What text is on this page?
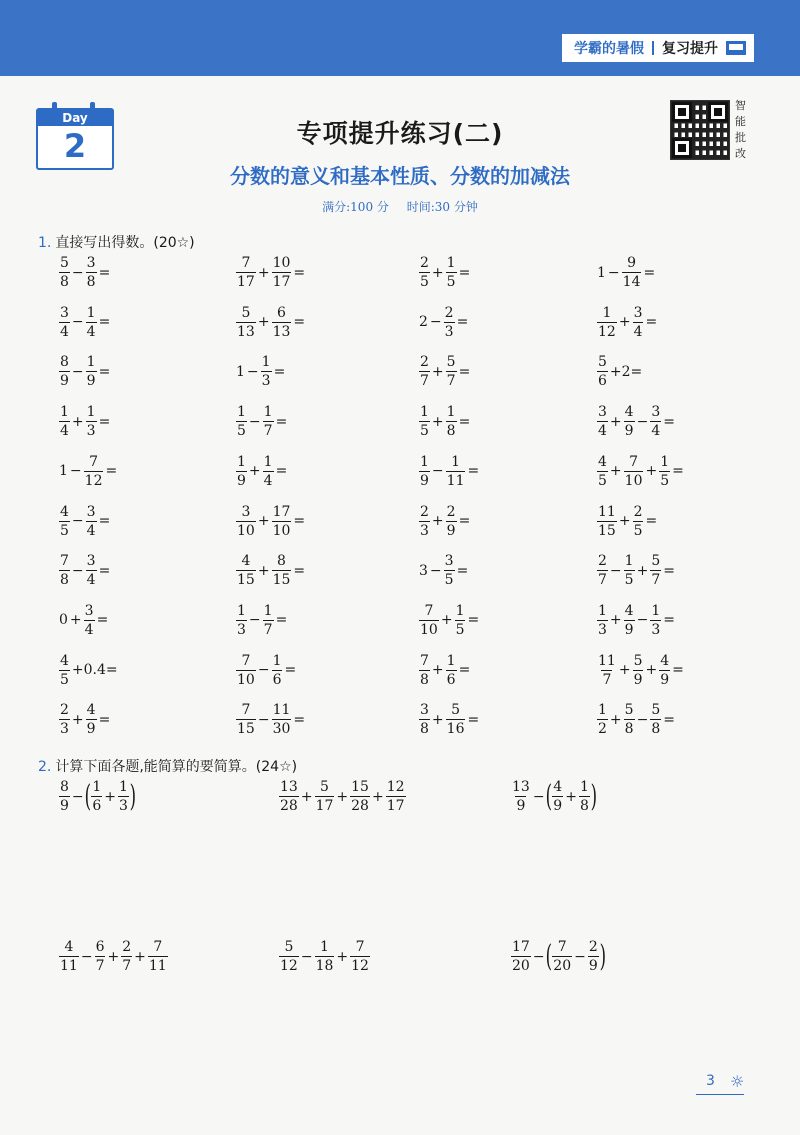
学霸的暑假 复习提升
Day
2	专项提升练习(二)
分数的意义和基本性质、分数的加减法
满分:100 分 时间:30 分钟
智
能
批
改
1. 直接写出得数。(20☆)
$\frac{5}{8} - \frac{3}{8}$ =	$\frac{7}{17} + \frac{10}{17}$ =	$\frac{2}{5} + \frac{1}{5}$ =	$1 - \frac{9}{14}$ =
$\frac{3}{4} - \frac{1}{4}$ =	$\frac{5}{13} + \frac{6}{13}$ =	$2 - \frac{2}{3}$ =	$\frac{1}{12} + \frac{3}{4}$ =
$\frac{8}{9} - \frac{1}{9}$ =	$1 - \frac{1}{3}$ =	$\frac{2}{7} + \frac{5}{7}$ =	$\frac{5}{6} +2=$
$\frac{1}{4} + \frac{1}{3}$ =	$\frac{1}{5} - \frac{1}{7}$ =	$\frac{1}{5} + \frac{1}{8}$ =	$\frac{3}{4} + \frac{4}{9} - \frac{3}{4}$ =
$1 - \frac{7}{12}$ =	$\frac{1}{9} + \frac{1}{4}$ =	$\frac{1}{9} - \frac{1}{11}$ =	$\frac{4}{5} + \frac{7}{10} + \frac{1}{5}$ =
$\frac{4}{5} - \frac{3}{4}$ =	$\frac{3}{10} + \frac{17}{10}$ =	$\frac{2}{3} + \frac{2}{9}$ =	$\frac{11}{15} + \frac{2}{5}$ =
$\frac{7}{8} - \frac{3}{4}$ =	$\frac{4}{15} + \frac{8}{15}$ =	$3 - \frac{3}{5}$ =	$\frac{2}{7} - \frac{1}{5} + \frac{5}{7}$ =
$0 + \frac{3}{4}$ =	$\frac{1}{3} - \frac{1}{7}$ =	$\frac{7}{10} + \frac{1}{5}$ =	$\frac{1}{3} + \frac{4}{9} - \frac{1}{3}$ =
$\frac{4}{5} +0.4=$	$\frac{7}{10} - \frac{1}{6}$ =	$\frac{7}{8} + \frac{1}{6}$ =	$\frac{11}{7} + \frac{5}{9} + \frac{4}{9}$ =
$\frac{2}{3} + \frac{4}{9}$ =	$\frac{7}{15} - \frac{11}{30}$ =	$\frac{3}{8} + \frac{5}{16}$ =	$\frac{1}{2} + \frac{5}{8} - \frac{5}{8}$ =
2. 计算下面各题,能简算的要简算。(24☆)
$\frac{8}{9}$ − ( $\frac{1}{6} + \frac{1}{3}$ )	$\frac{13}{28} + \frac{5}{17} + \frac{15}{28} + \frac{12}{17}$	$\frac{13}{9}$ − ( $\frac{4}{9} + \frac{1}{8}$ )
$\frac{4}{11} - \frac{6}{7} + \frac{2}{7} + \frac{7}{11}$	$\frac{5}{12} - \frac{1}{18} + \frac{7}{12}$	$\frac{17}{20}$ − ( $\frac{7}{20} - \frac{2}{9}$ )
3 ☼
